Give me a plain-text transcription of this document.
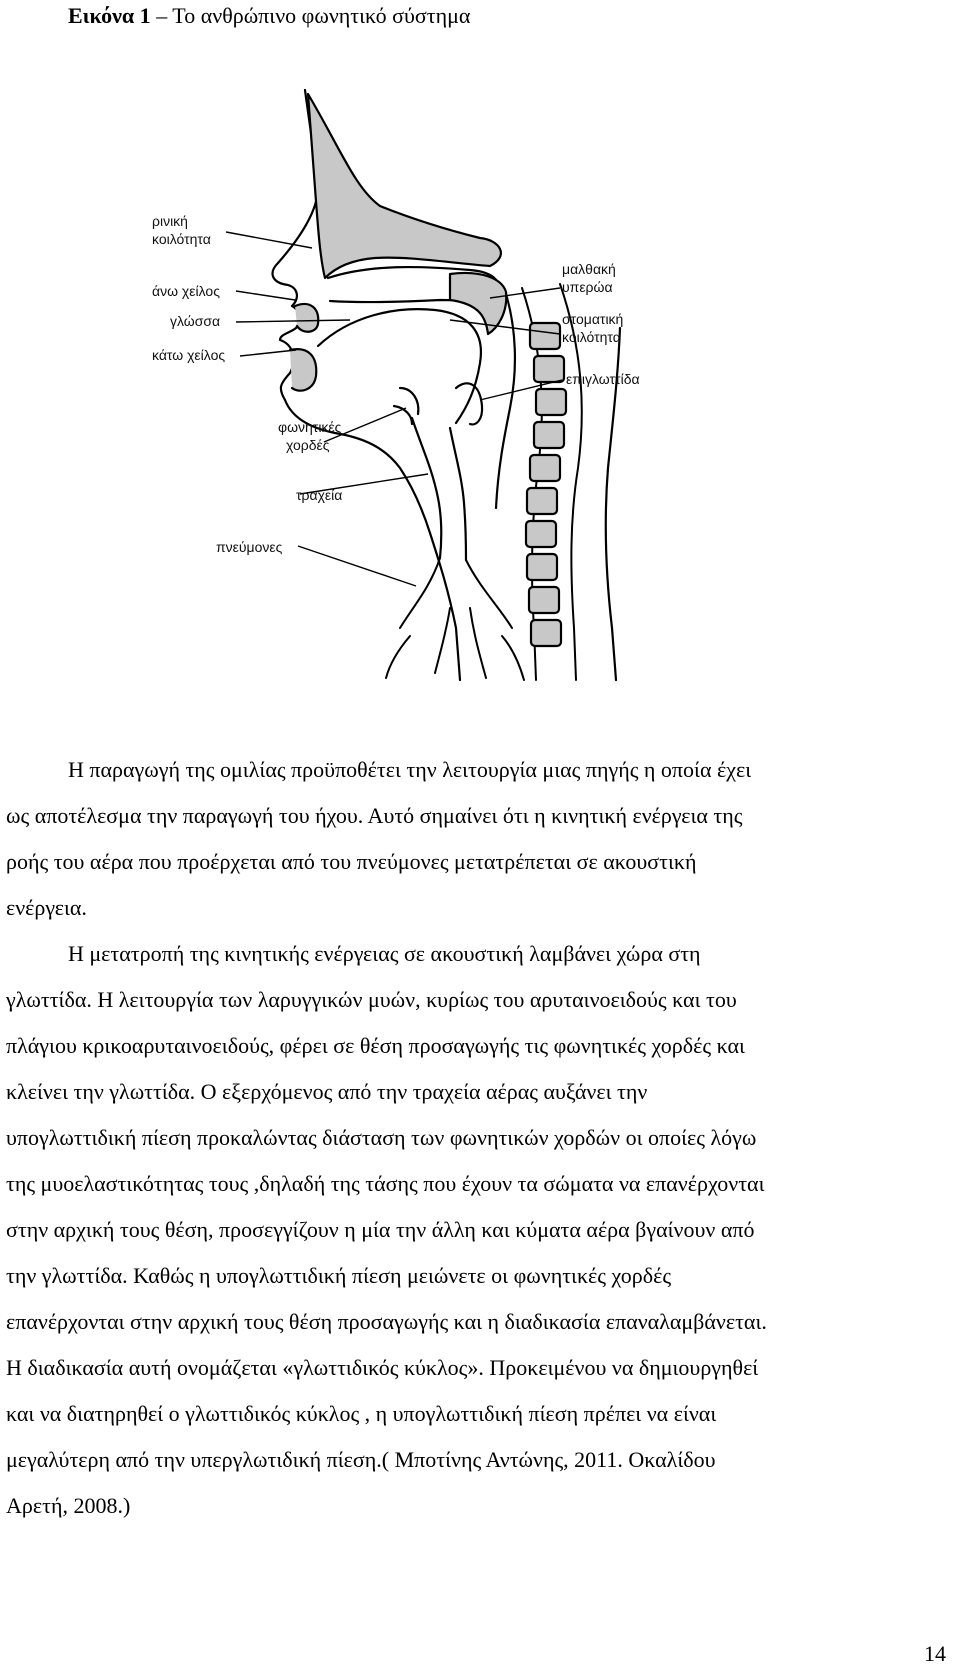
Εικόνα 1 – Το ανθρώπινο φωνητικό σύστημα
ρινική
κοιλότητα
άνω χείλος
γλώσσα
κάτω χείλος
φωνητικές
χορδές
τραχεία
πνεύμονες
μαλθακή
υπερώα
στοματική
κοιλότητα
επιγλωττίδα

Η παραγωγή της ομιλίας προϋποθέτει την λειτουργία μιας πηγής η οποία έχει

ως αποτέλεσμα την παραγωγή του ήχου. Αυτό σημαίνει ότι η κινητική ενέργεια της

ροής του αέρα που προέρχεται από του πνεύμονες μετατρέπεται σε ακουστική

ενέργεια.

Η μετατροπή της κινητικής ενέργειας σε ακουστική λαμβάνει χώρα στη

γλωττίδα. Η λειτουργία των λαρυγγικών μυών, κυρίως του αρυταινοειδούς και του

πλάγιου κρικοαρυταινοειδούς, φέρει σε θέση προσαγωγής τις φωνητικές χορδές και

κλείνει την γλωττίδα. Ο εξερχόμενος από την τραχεία αέρας αυξάνει την

υπογλωττιδική πίεση προκαλώντας διάσταση των φωνητικών χορδών οι οποίες λόγω

της μυοελαστικότητας τους ,δηλαδή της τάσης που έχουν τα σώματα να επανέρχονται

στην αρχική τους θέση, προσεγγίζουν η μία την άλλη και κύματα αέρα βγαίνουν από

την γλωττίδα. Καθώς η υπογλωττιδική πίεση μειώνετε οι φωνητικές χορδές

επανέρχονται στην αρχική τους θέση προσαγωγής και η διαδικασία επαναλαμβάνεται.

Η διαδικασία αυτή ονομάζεται «γλωττιδικός κύκλος». Προκειμένου να δημιουργηθεί

και να διατηρηθεί ο γλωττιδικός κύκλος , η υπογλωττιδική πίεση πρέπει να είναι

μεγαλύτερη από την υπεργλωτιδική πίεση.( Μποτίνης Αντώνης, 2011. Οκαλίδου

Αρετή, 2008.)

14
